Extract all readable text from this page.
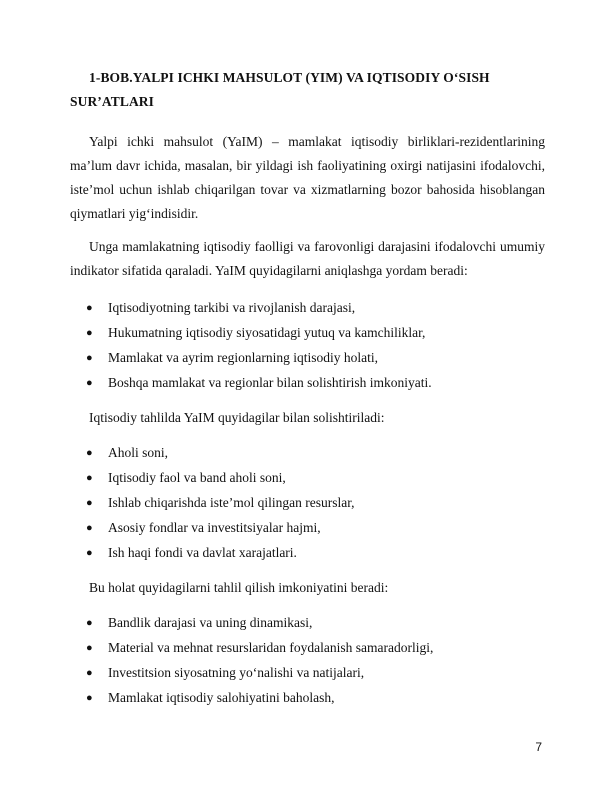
1-BOB.YALPI ICHKI MAHSULOT (YIM) VA IQTISODIY O‘SISH
SUR’ATLARI

Yalpi ichki mahsulot (YaIM) – mamlakat iqtisodiy birliklari-rezidentlarining ma’lum davr ichida, masalan, bir yildagi ish faoliyatining oxirgi natijasini ifodalovchi, iste’mol uchun ishlab chiqarilgan tovar va xizmatlarning bozor bahosida hisoblangan qiymatlari yig‘indisidir.

Unga mamlakatning iqtisodiy faolligi va farovonligi darajasini ifodalovchi umumiy indikator sifatida qaraladi. YaIM quyidagilarni aniqlashga yordam beradi:

● Iqtisodiyotning tarkibi va rivojlanish darajasi,
● Hukumatning iqtisodiy siyosatidagi yutuq va kamchiliklar,
● Mamlakat va ayrim regionlarning iqtisodiy holati,
● Boshqa mamlakat va regionlar bilan solishtirish imkoniyati.

Iqtisodiy tahlilda YaIM quyidagilar bilan solishtiriladi:

● Aholi soni,
● Iqtisodiy faol va band aholi soni,
● Ishlab chiqarishda iste’mol qilingan resurslar,
● Asosiy fondlar va investitsiyalar hajmi,
● Ish haqi fondi va davlat xarajatlari.

Bu holat quyidagilarni tahlil qilish imkoniyatini beradi:

● Bandlik darajasi va uning dinamikasi,
● Material va mehnat resurslaridan foydalanish samaradorligi,
● Investitsion siyosatning yo‘nalishi va natijalari,
● Mamlakat iqtisodiy salohiyatini baholash,
7
